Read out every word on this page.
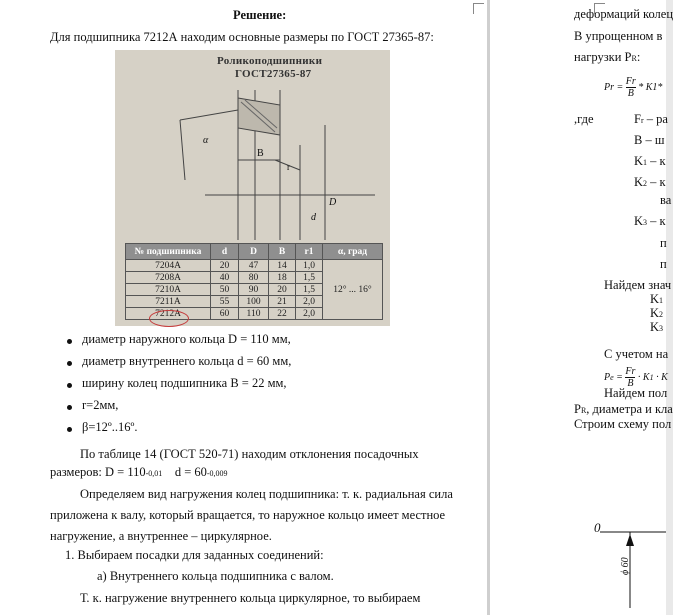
Решение:
Для подшипника 7212А находим основные размеры по ГОСТ 27365-87:
Роликоподшипники
ГОСТ27365-87
α
B
r
d
D
№ подшипника	d	D	B	r1	α, град
7204А	20	47	14	1,0	12° ... 16°
7208А	40	80	18	1,5	
7210А	50	90	20	1,5	
7211А	55	100	21	2,0	
7212А	60	110	22	2,0	
диаметр наружного кольца D = 110 мм,
диаметр внутреннего кольца d = 60 мм,
ширину колец подшипника В = 22 мм,
r=2мм,
β=12º..16º.
По таблице 14 (ГОСТ 520-71) находим отклонения посадочных
размеров: D = 110-0,01 d = 60-0,009
Определяем вид нагружения колец подшипника: т. к. радиальная сила
приложена к валу, который вращается, то наружное кольцо имеет местное
нагружение, а внутреннее – циркулярное.
1. Выбираем посадки для заданных соединений:
а) Внутреннего кольца подшипника с валом.
Т. к. нагружение внутреннего кольца циркулярное, то выбираем
деформаций колец
В упрощенном в
нагрузки PR:
$Pr = \frac{Fr}{B} * K1*$
,где	Fr – ра
В – ш
K1 – к
K2 – к
ва
K3 – к
п
п
Найдем знач
K1
K2
K3
С учетом на
$Pe = \frac{Fr}{B} \cdot K1 \cdot K$
Найдем пол
PR, диаметра и кла
Строим схему пол
0
ϕ 60
